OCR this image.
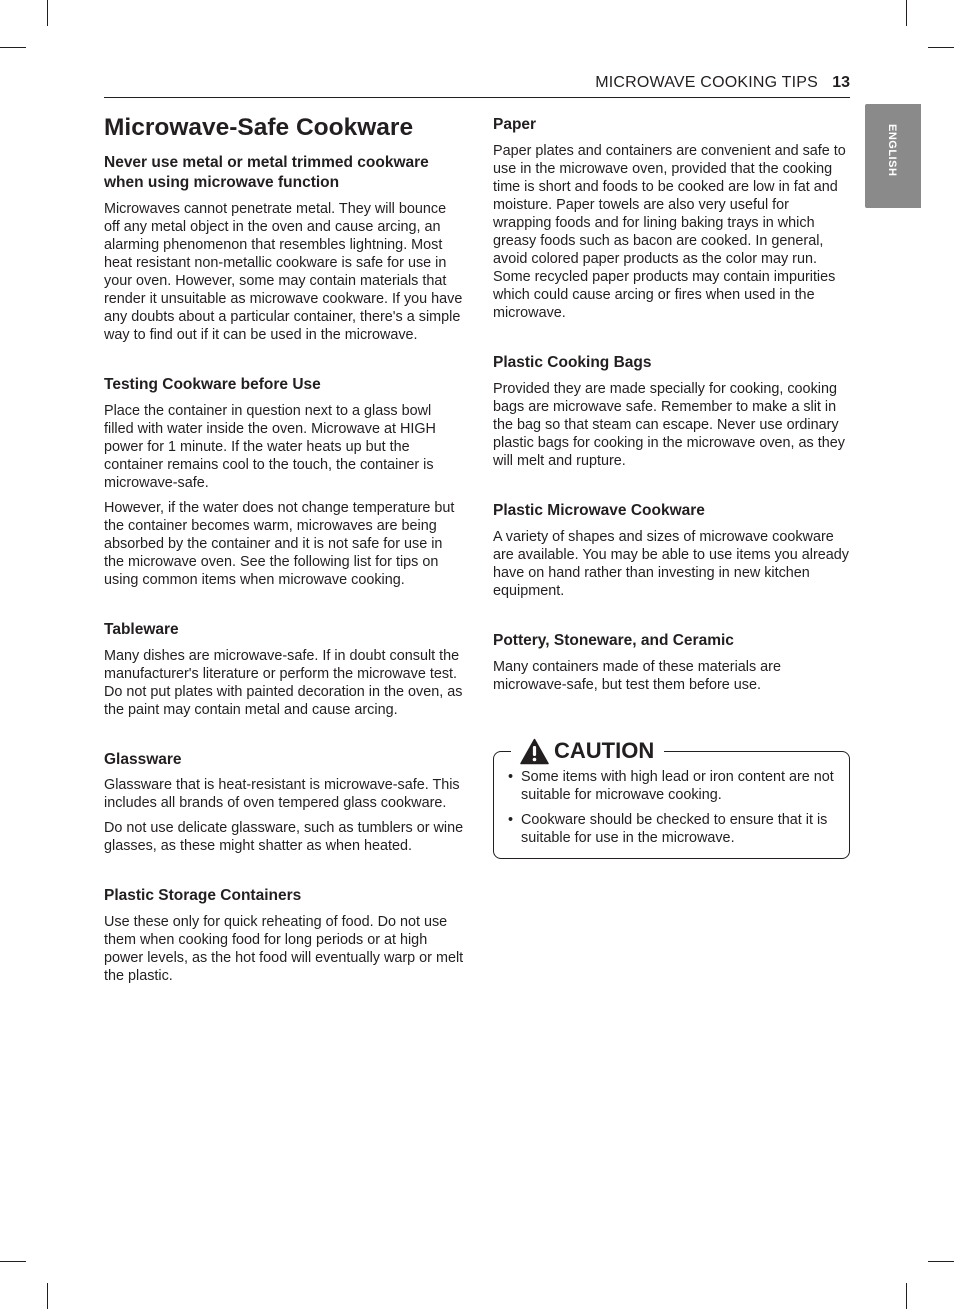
MICROWAVE COOKING TIPS 13
ENGLISH
Microwave-Safe Cookware
Never use metal or metal trimmed cookware when using microwave function

Microwaves cannot penetrate metal. They will bounce off any metal object in the oven and cause arcing, an alarming phenomenon that resembles lightning. Most heat resistant non-metallic cookware is safe for use in your oven. However, some may contain materials that render it unsuitable as microwave cookware. If you have any doubts about a particular container, there's a simple way to find out if it can be used in the microwave.

Testing Cookware before Use

Place the container in question next to a glass bowl filled with water inside the oven. Microwave at HIGH power for 1 minute. If the water heats up but the container remains cool to the touch, the container is microwave-safe.

However, if the water does not change temperature but the container becomes warm, microwaves are being absorbed by the container and it is not safe for use in the microwave oven. See the following list for tips on using common items when microwave cooking.

Tableware

Many dishes are microwave-safe. If in doubt consult the manufacturer's literature or perform the microwave test. Do not put plates with painted decoration in the oven, as the paint may contain metal and cause arcing.

Glassware

Glassware that is heat-resistant is microwave-safe. This includes all brands of oven tempered glass cookware.

Do not use delicate glassware, such as tumblers or wine glasses, as these might shatter as when heated.

Plastic Storage Containers

Use these only for quick reheating of food. Do not use them when cooking food for long periods or at high power levels, as the hot food will eventually warp or melt the plastic.

Paper

Paper plates and containers are convenient and safe to use in the microwave oven, provided that the cooking time is short and foods to be cooked are low in fat and moisture. Paper towels are also very useful for wrapping foods and for lining baking trays in which greasy foods such as bacon are cooked. In general, avoid colored paper products as the color may run. Some recycled paper products may contain impurities which could cause arcing or fires when used in the microwave.

Plastic Cooking Bags

Provided they are made specially for cooking, cooking bags are microwave safe. Remember to make a slit in the bag so that steam can escape. Never use ordinary plastic bags for cooking in the microwave oven, as they will melt and rupture.

Plastic Microwave Cookware

A variety of shapes and sizes of microwave cookware are available. You may be able to use items you already have on hand rather than investing in new kitchen equipment.

Pottery, Stoneware, and Ceramic

Many containers made of these materials are microwave-safe, but test them before use.

CAUTION
• Some items with high lead or iron content are not suitable for microwave cooking.
• Cookware should be checked to ensure that it is suitable for use in the microwave.
